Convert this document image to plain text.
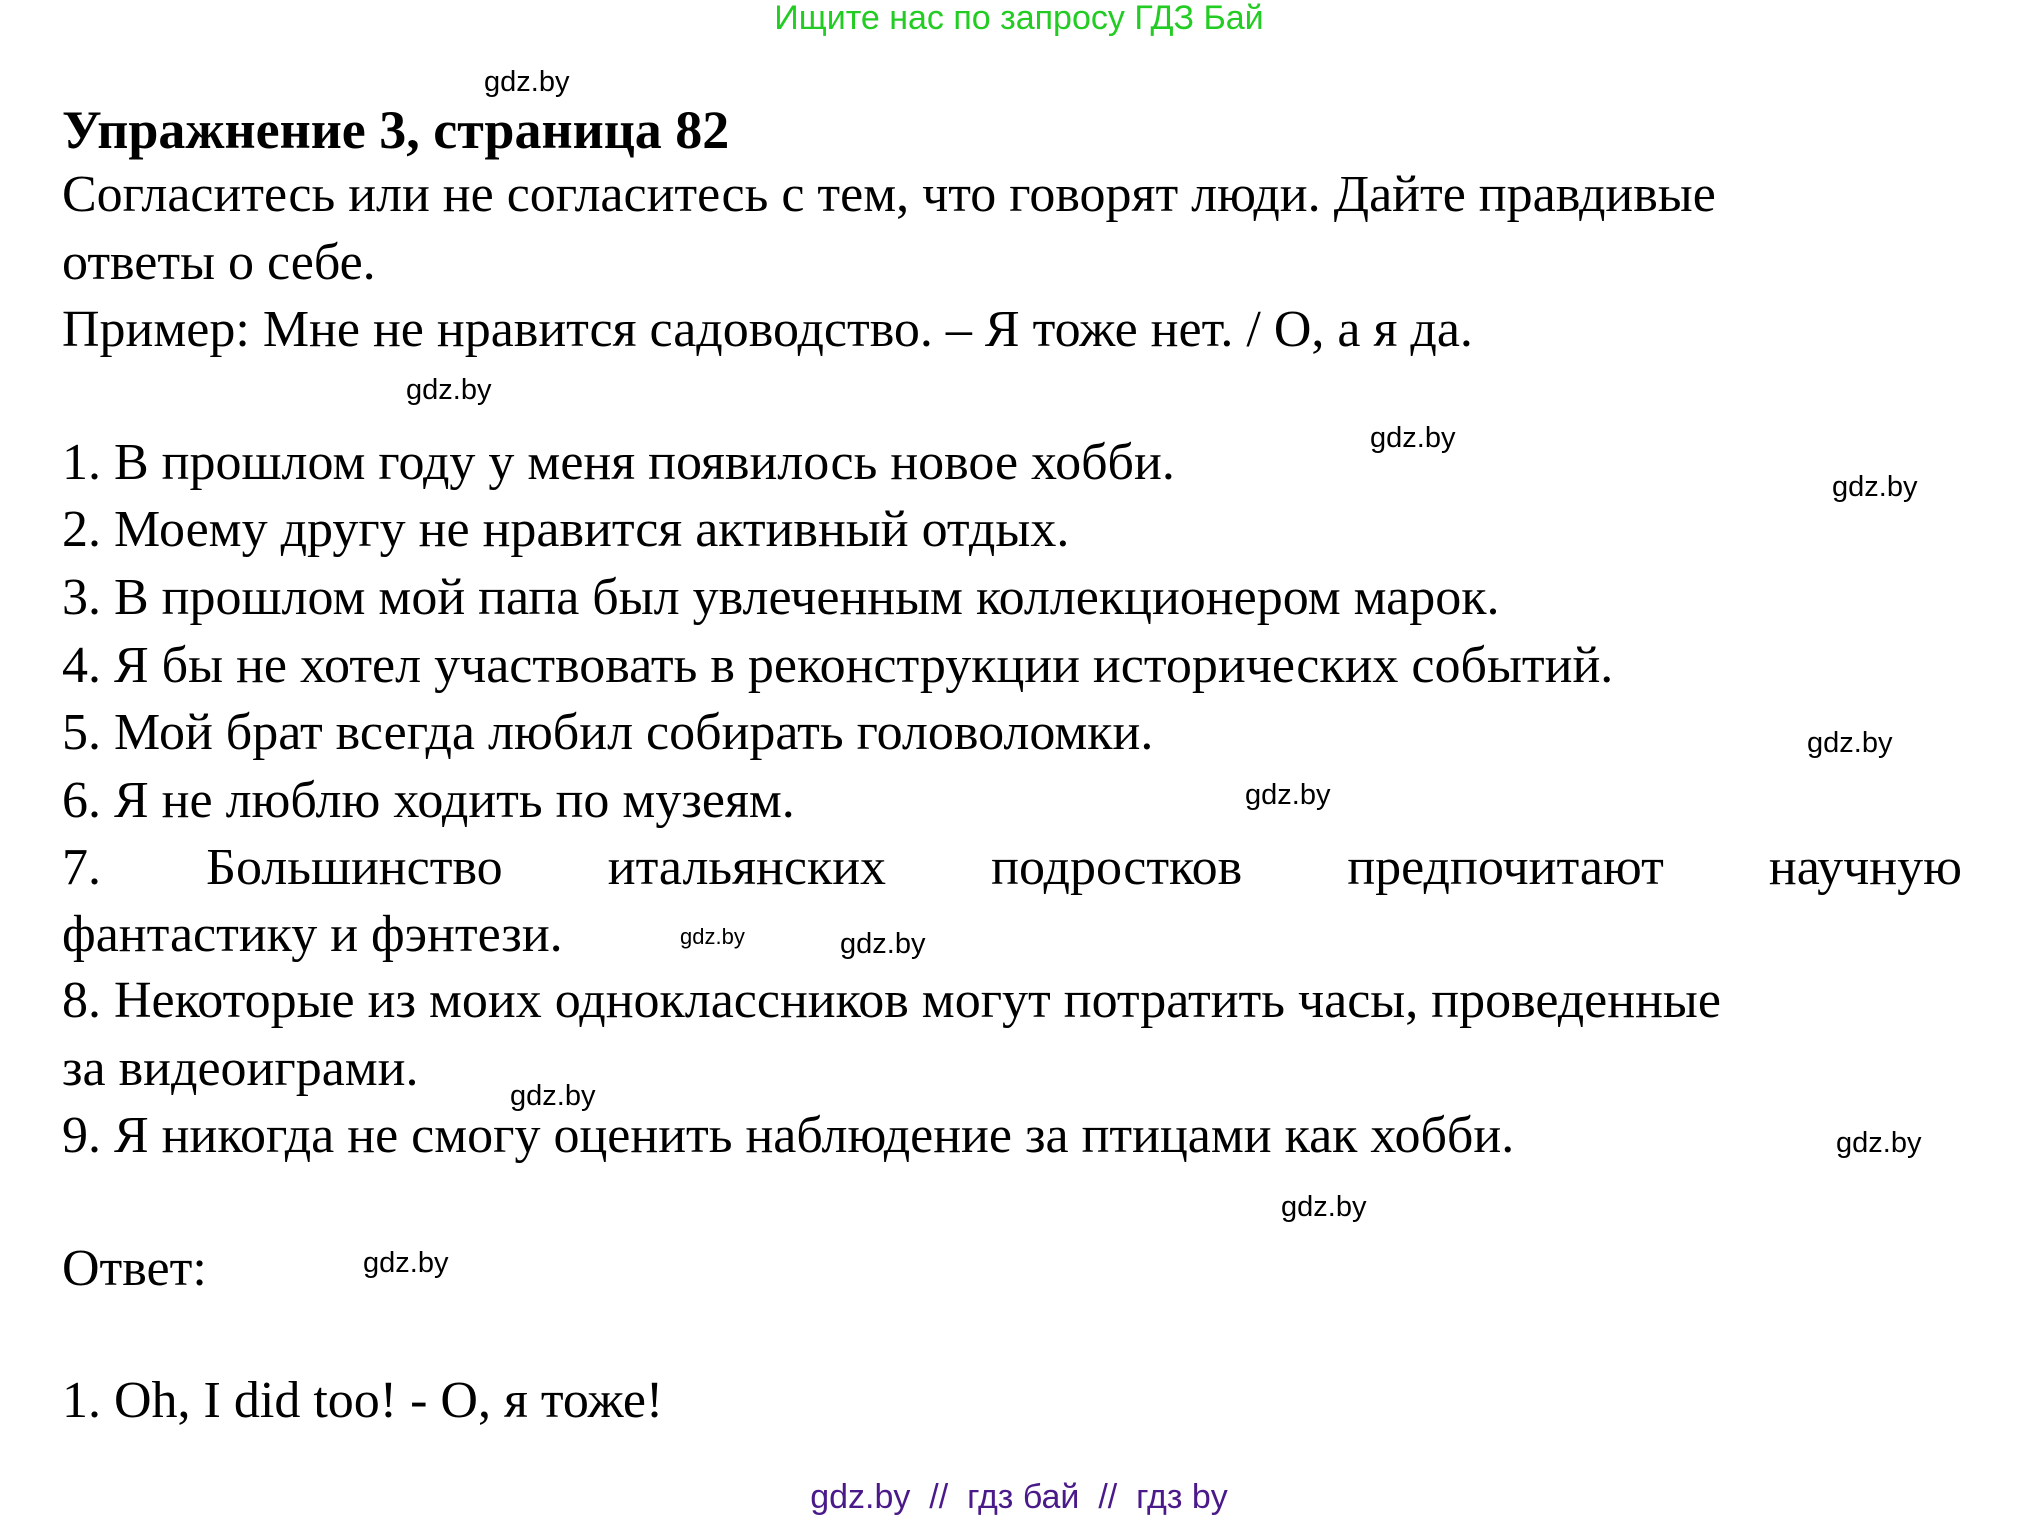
Ищите нас по запросу ГДЗ Бай
Упражнение 3, страница 82
Согласитесь или не согласитесь с тем, что говорят люди. Дайте правдивые
ответы о себе.
Пример: Мне не нравится садоводство. – Я тоже нет. / О, а я да.
1. В прошлом году у меня появилось новое хобби.
2. Моему другу не нравится активный отдых.
3. В прошлом мой папа был увлеченным коллекционером марок.
4. Я бы не хотел участвовать в реконструкции исторических событий.
5. Мой брат всегда любил собирать головоломки.
6. Я не люблю ходить по музеям.
7. Большинство итальянских подростков предпочитают научную
фантастику и фэнтези.
8. Некоторые из моих одноклассников могут потратить часы, проведенные
за видеоиграми.
9. Я никогда не смогу оценить наблюдение за птицами как хобби.
Ответ:
1. Oh, I did too! - O, я тоже!
gdz.by
gdz.by
gdz.by
gdz.by
gdz.by
gdz.by
gdz.by	gdz.by
gdz.by
gdz.by
gdz.by
gdz.by
gdz.by  //  гдз бай  //  гдз by
